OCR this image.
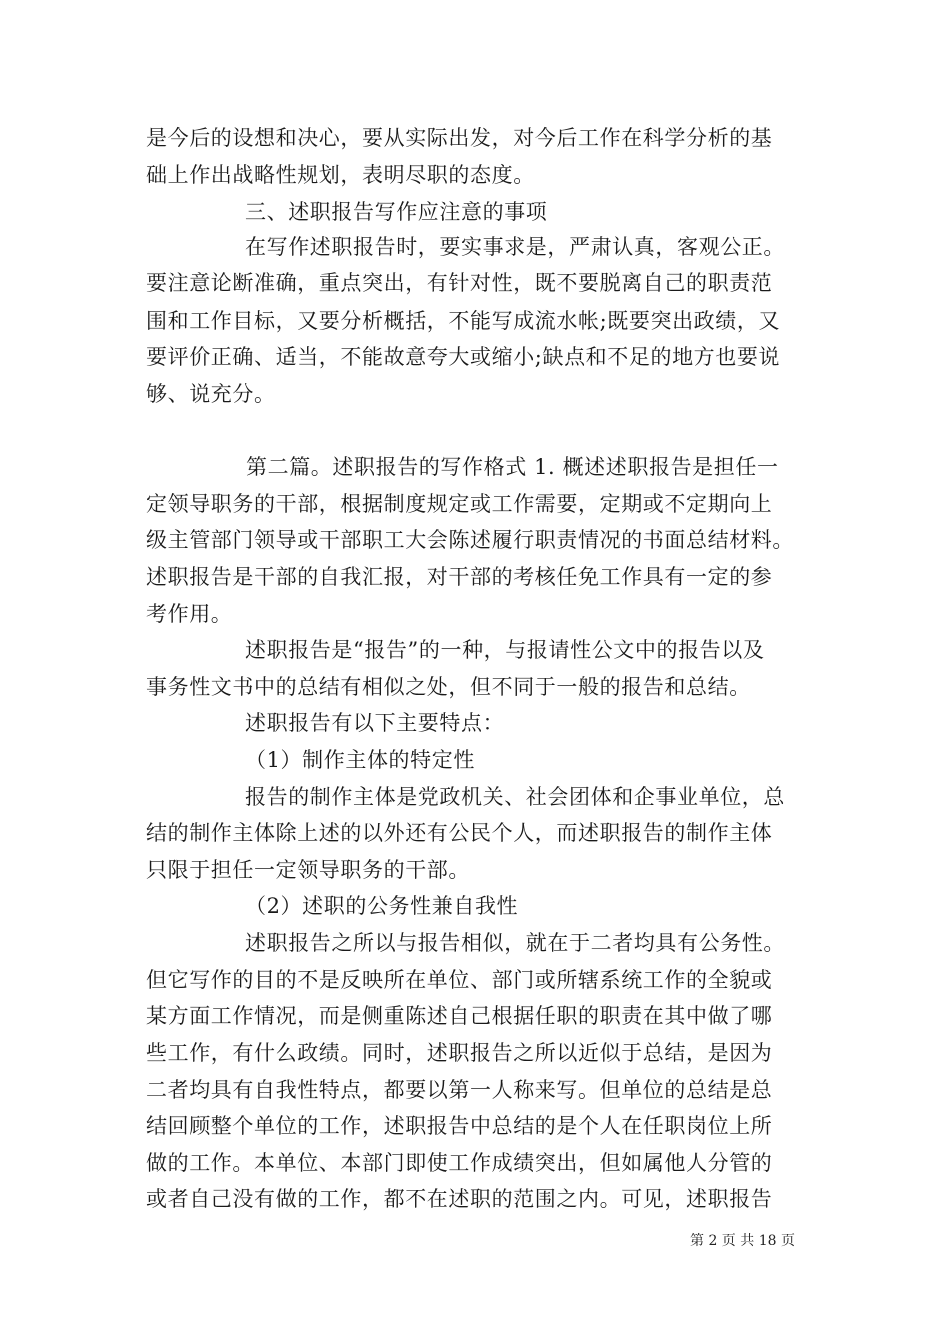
是今后的设想和决心，要从实际出发，对今后工作在科学分析的基
础上作出战略性规划，表明尽职的态度。
三、述职报告写作应注意的事项
在写作述职报告时，要实事求是，严肃认真，客观公正。
要注意论断准确，重点突出，有针对性，既不要脱离自己的职责范
围和工作目标，又要分析概括，不能写成流水帐;既要突出政绩，又
要评价正确、适当，不能故意夸大或缩小;缺点和不足的地方也要说
够、说充分。
第二篇。述职报告的写作格式 1. 概述述职报告是担任一
定领导职务的干部，根据制度规定或工作需要，定期或不定期向上
级主管部门领导或干部职工大会陈述履行职责情况的书面总结材料。
述职报告是干部的自我汇报，对干部的考核任免工作具有一定的参
考作用。
述职报告是“报告”的一种，与报请性公文中的报告以及
事务性文书中的总结有相似之处，但不同于一般的报告和总结。
述职报告有以下主要特点：
（1）制作主体的特定性
报告的制作主体是党政机关、社会团体和企事业单位，总
结的制作主体除上述的以外还有公民个人，而述职报告的制作主体
只限于担任一定领导职务的干部。
（2）述职的公务性兼自我性
述职报告之所以与报告相似，就在于二者均具有公务性。
但它写作的目的不是反映所在单位、部门或所辖系统工作的全貌或
某方面工作情况，而是侧重陈述自己根据任职的职责在其中做了哪
些工作，有什么政绩。同时，述职报告之所以近似于总结，是因为
二者均具有自我性特点，都要以第一人称来写。但单位的总结是总
结回顾整个单位的工作，述职报告中总结的是个人在任职岗位上所
做的工作。本单位、本部门即使工作成绩突出，但如属他人分管的
或者自己没有做的工作，都不在述职的范围之内。可见，述职报告
第 2 页 共 18 页
